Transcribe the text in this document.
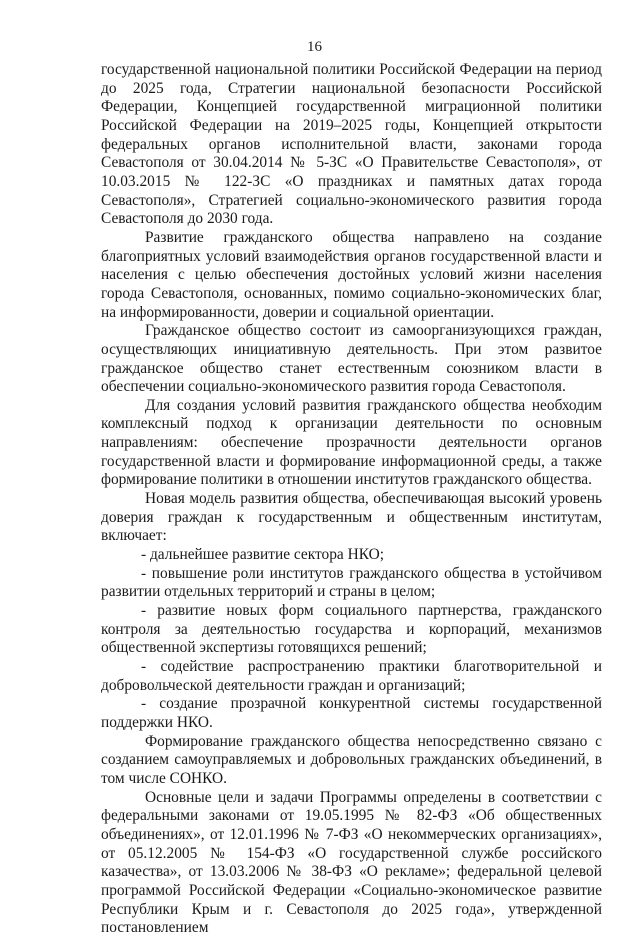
16

государственной национальной политики Российской Федерации на период до 2025 года, Стратегии национальной безопасности Российской Федерации, Концепцией государственной миграционной политики Российской Федерации на 2019–2025 годы, Концепцией открытости федеральных органов исполнительной власти, законами города Севастополя от 30.04.2014 № 5-ЗС «О Правительстве Севастополя», от 10.03.2015 № 122-ЗС «О праздниках и памятных датах города Севастополя», Стратегией социально-экономического развития города Севастополя до 2030 года.

Развитие гражданского общества направлено на создание благоприятных условий взаимодействия органов государственной власти и населения с целью обеспечения достойных условий жизни населения города Севастополя, основанных, помимо социально-экономических благ, на информированности, доверии и социальной ориентации.

Гражданское общество состоит из самоорганизующихся граждан, осуществляющих инициативную деятельность. При этом развитое гражданское общество станет естественным союзником власти в обеспечении социально-экономического развития города Севастополя.

Для создания условий развития гражданского общества необходим комплексный подход к организации деятельности по основным направлениям: обеспечение прозрачности деятельности органов государственной власти и формирование информационной среды, а также формирование политики в отношении институтов гражданского общества.

Новая модель развития общества, обеспечивающая высокий уровень доверия граждан к государственным и общественным институтам, включает:

- дальнейшее развитие сектора НКО;

- повышение роли институтов гражданского общества в устойчивом развитии отдельных территорий и страны в целом;

- развитие новых форм социального партнерства, гражданского контроля за деятельностью государства и корпораций, механизмов общественной экспертизы готовящихся решений;

- содействие распространению практики благотворительной и добровольческой деятельности граждан и организаций;

- создание прозрачной конкурентной системы государственной поддержки НКО.

Формирование гражданского общества непосредственно связано с созданием самоуправляемых и добровольных гражданских объединений, в том числе СОНКО.

Основные цели и задачи Программы определены в соответствии с федеральными законами от 19.05.1995 № 82-ФЗ «Об общественных объединениях», от 12.01.1996 № 7-ФЗ «О некоммерческих организациях», от 05.12.2005 № 154-ФЗ «О государственной службе российского казачества», от 13.03.2006 № 38-ФЗ «О рекламе»; федеральной целевой программой Российской Федерации «Социально-экономическое развитие Республики Крым и г. Севастополя до 2025 года», утвержденной постановлением
